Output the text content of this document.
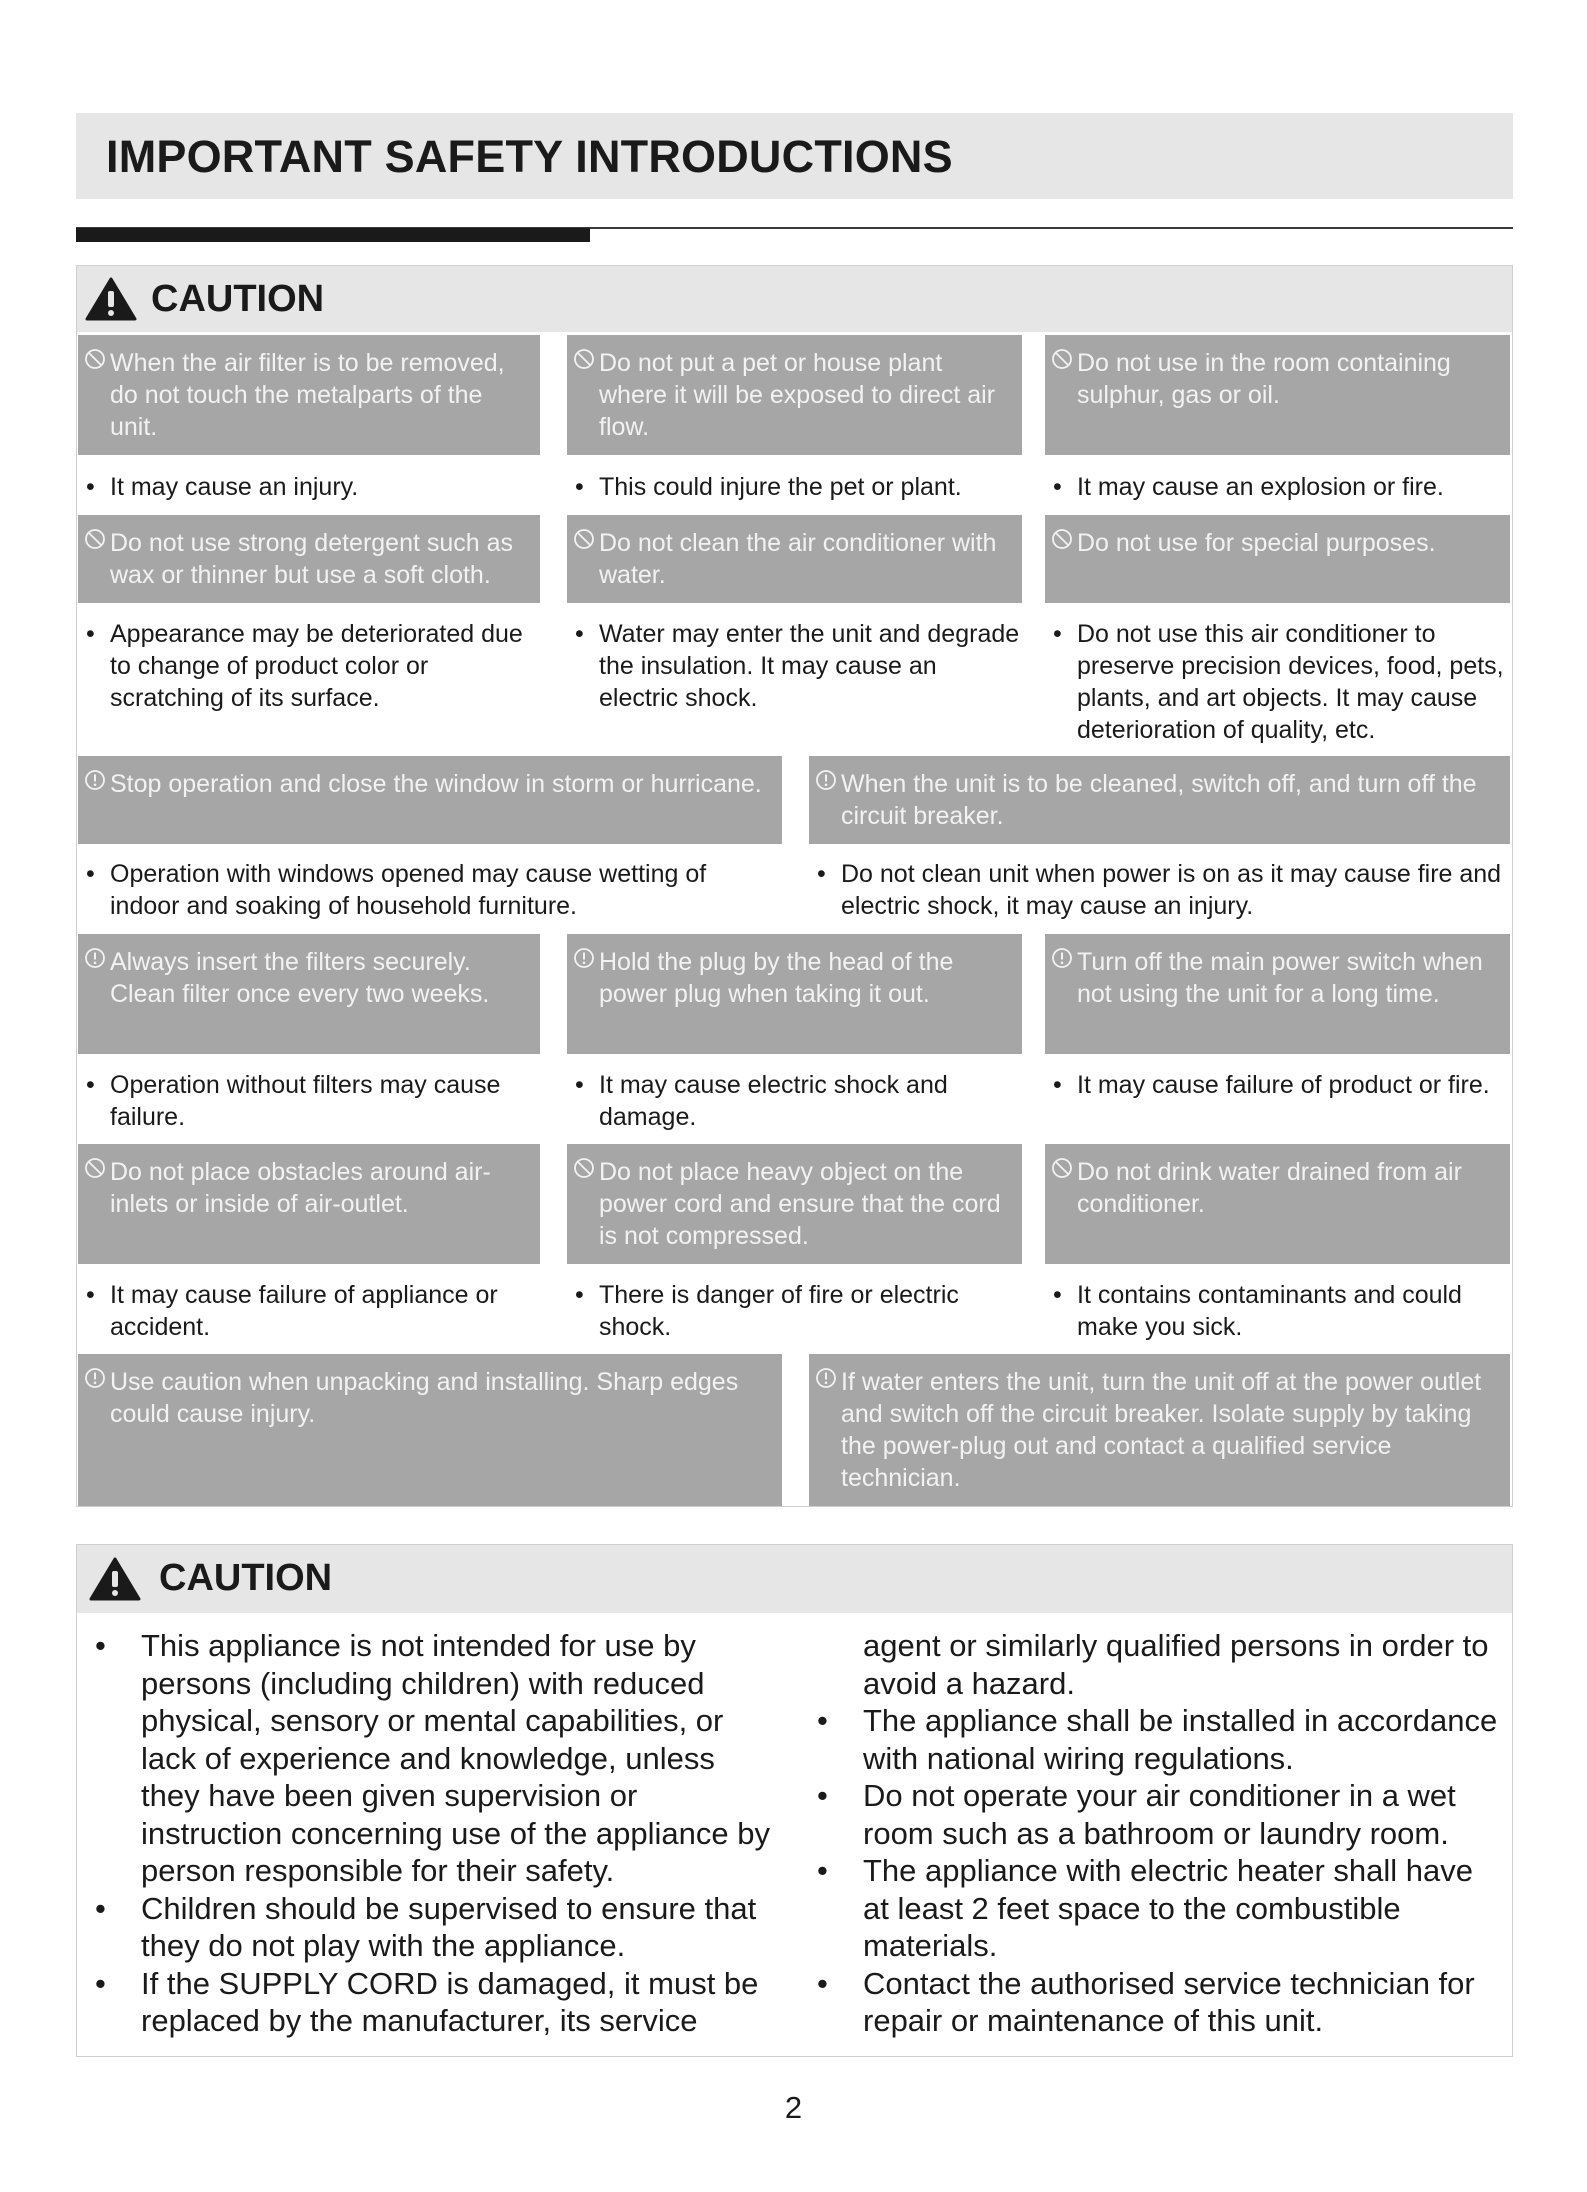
IMPORTANT SAFETY INTRODUCTIONS
CAUTION
When the air filter is to be removed, do not touch the metalparts of the unit.
Do not put a pet or house plant where it will be exposed to direct air flow.
Do not use in the room containing sulphur, gas or oil.
• It may cause an injury.	• This could injure the pet or plant.	• It may cause an explosion or fire.
Do not use strong detergent such as wax or thinner but use a soft cloth.
Do not clean the air conditioner with water.
Do not use for special purposes.
• Appearance may be deteriorated due to change of product color or scratching of its surface.
• Water may enter the unit and degrade the insulation. It may cause an electric shock.
• Do not use this air conditioner to preserve precision devices, food, pets, plants, and art objects. It may cause deterioration of quality, etc.
Stop operation and close the window in storm or hurricane.	When the unit is to be cleaned, switch off, and turn off the circuit breaker.
• Operation with windows opened may cause wetting of indoor and soaking of household furniture.
• Do not clean unit when power is on as it may cause fire and electric shock, it may cause an injury.
Always insert the filters securely. Clean filter once every two weeks.
Hold the plug by the head of the power plug when taking it out.
Turn off the main power switch when not using the unit for a long time.
• Operation without filters may cause failure.
• It may cause electric shock and damage.
• It may cause failure of product or fire.
Do not place obstacles around air-inlets or inside of air-outlet.
Do not place heavy object on the power cord and ensure that the cord is not compressed.
Do not drink water drained from air conditioner.
• It may cause failure of appliance or accident.
• There is danger of fire or electric shock.
• It contains contaminants and could make you sick.
Use caution when unpacking and installing. Sharp edges could cause injury.
If water enters the unit, turn the unit off at the power outlet and switch off the circuit breaker. Isolate supply by taking the power-plug out and contact a qualified service technician.
CAUTION
• This appliance is not intended for use by persons (including children) with reduced physical, sensory or mental capabilities, or lack of experience and knowledge, unless they have been given supervision or instruction concerning use of the appliance by person responsible for their safety.
• Children should be supervised to ensure that they do not play with the appliance.
• If the SUPPLY CORD is damaged, it must be replaced by the manufacturer, its service
agent or similarly qualified persons in order to avoid a hazard.
• The appliance shall be installed in accordance with national wiring regulations.
• Do not operate your air conditioner in a wet room such as a bathroom or laundry room.
• The appliance with electric heater shall have at least 2 feet space to the combustible materials.
• Contact the authorised service technician for repair or maintenance of this unit.
2
